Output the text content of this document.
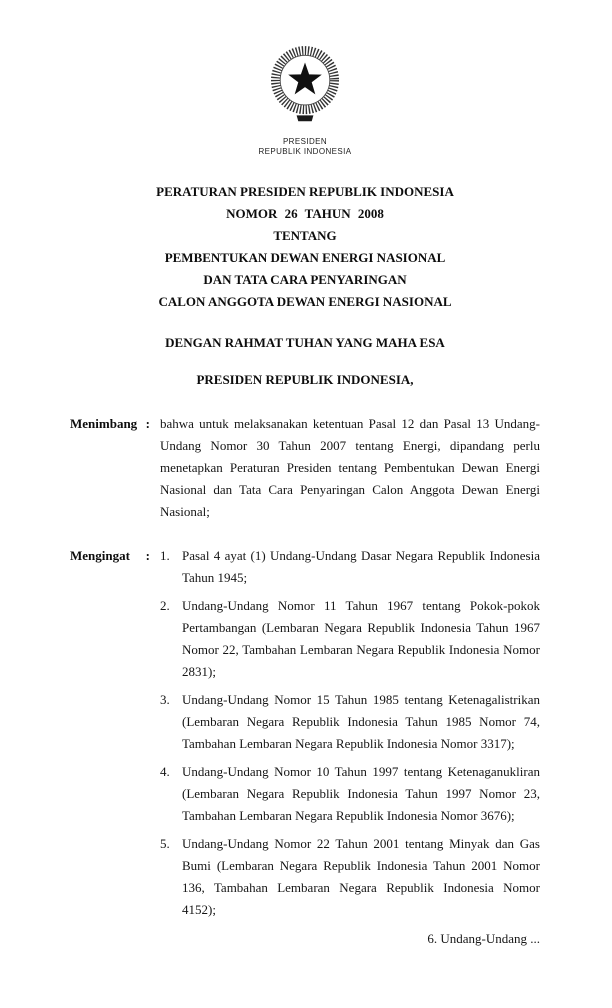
PRESIDEN
REPUBLIK INDONESIA
PERATURAN PRESIDEN REPUBLIK INDONESIA
NOMOR 26 TAHUN 2008
TENTANG
PEMBENTUKAN DEWAN ENERGI NASIONAL
DAN TATA CARA PENYARINGAN
CALON ANGGOTA DEWAN ENERGI NASIONAL
DENGAN RAHMAT TUHAN YANG MAHA ESA
PRESIDEN REPUBLIK INDONESIA,
Menimbang : bahwa untuk melaksanakan ketentuan Pasal 12 dan Pasal 13 Undang-Undang Nomor 30 Tahun 2007 tentang Energi, dipandang perlu menetapkan Peraturan Presiden tentang Pembentukan Dewan Energi Nasional dan Tata Cara Penyaringan Calon Anggota Dewan Energi Nasional;
Mengingat : 1. Pasal 4 ayat (1) Undang-Undang Dasar Negara Republik Indonesia Tahun 1945;
2. Undang-Undang Nomor 11 Tahun 1967 tentang Pokok-pokok Pertambangan (Lembaran Negara Republik Indonesia Tahun 1967 Nomor 22, Tambahan Lembaran Negara Republik Indonesia Nomor 2831);
3. Undang-Undang Nomor 15 Tahun 1985 tentang Ketenagalistrikan (Lembaran Negara Republik Indonesia Tahun 1985 Nomor 74, Tambahan Lembaran Negara Republik Indonesia Nomor 3317);
4. Undang-Undang Nomor 10 Tahun 1997 tentang Ketenaganukliran (Lembaran Negara Republik Indonesia Tahun 1997 Nomor 23, Tambahan Lembaran Negara Republik Indonesia Nomor 3676);
5. Undang-Undang Nomor 22 Tahun 2001 tentang Minyak dan Gas Bumi (Lembaran Negara Republik Indonesia Tahun 2001 Nomor 136, Tambahan Lembaran Negara Republik Indonesia Nomor 4152);
6. Undang-Undang ...
